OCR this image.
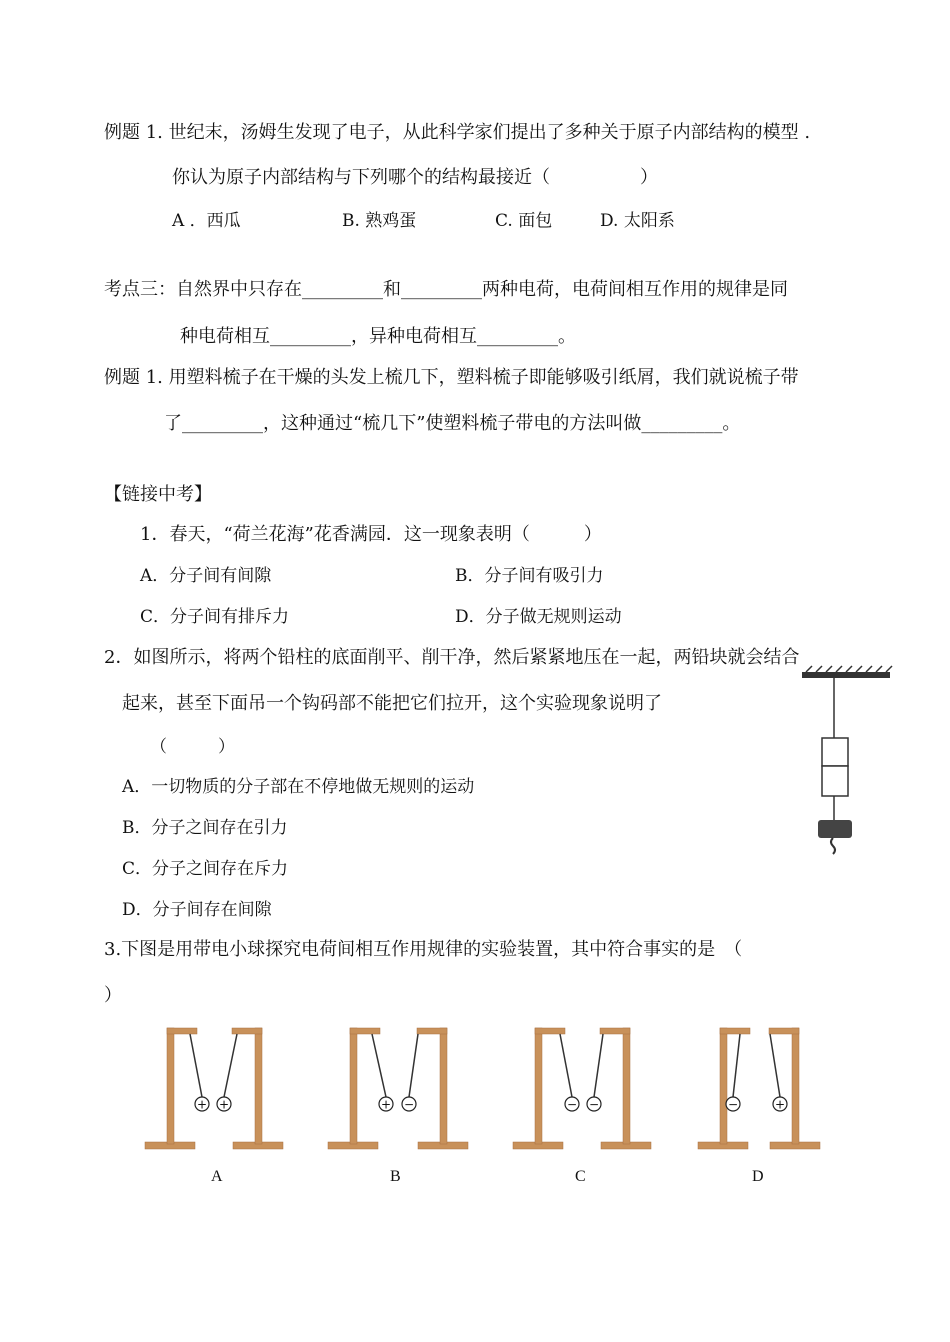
例题 1. 世纪末，汤姆生发现了电子，从此科学家们提出了多种关于原子内部结构的模型 .
你认为原子内部结构与下列哪个的结构最接近（　　　　　）
A ．西瓜	B. 熟鸡蛋	C. 面包	D. 太阳系
考点三：自然界中只存在_________和_________两种电荷，电荷间相互作用的规律是同
种电荷相互_________，异种电荷相互_________。
例题 1. 用塑料梳子在干燥的头发上梳几下，塑料梳子即能够吸引纸屑，我们就说梳子带
了_________，这种通过“梳几下”使塑料梳子带电的方法叫做_________。
【链接中考】
1．春天，“荷兰花海”花香满园．这一现象表明（　　　）
A．分子间有间隙	B．分子间有吸引力
C．分子间有排斥力	D．分子做无规则运动
2．如图所示，将两个铅柱的底面削平、削干净，然后紧紧地压在一起，两铅块就会结合
起来，甚至下面吊一个钩码部不能把它们拉开，这个实验现象说明了
（　　　）
A．一切物质的分子部在不停地做无规则的运动
B．分子之间存在引力
C．分子之间存在斥力
D．分子间存在间隙
3.下图是用带电小球探究电荷间相互作用规律的实验装置，其中符合事实的是　（
）
+ +	+ −	− −	−	+
A	B	C	D
